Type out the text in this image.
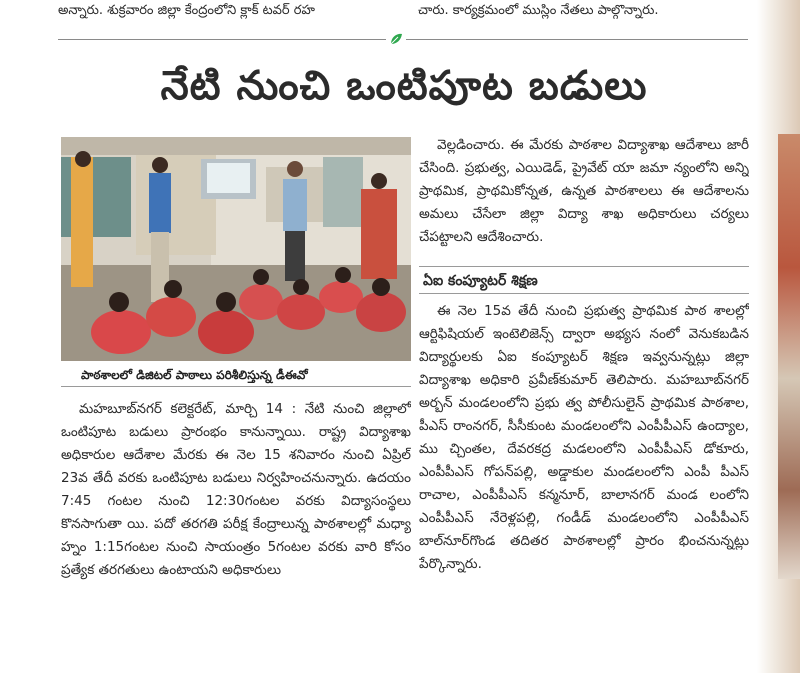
అన్నారు. శుక్రవారం జిల్లా కేంద్రంలోని క్లాక్ టవర్ రహ	చారు. కార్యక్రమంలో ముస్లిం నేతలు పాల్గొన్నారు.
నేటి నుంచి ఒంటిపూట బడులు
పాఠశాలలో డిజిటల్ పాఠాలు పరిశీలిస్తున్న డీఈవో

మహబూబ్‌నగర్ కలెక్టరేట్, మార్చి 14 : నేటి నుంచి జిల్లాలో ఒంటిపూట బడులు ప్రారంభం కానున్నాయి. రాష్ట్ర విద్యాశాఖ అధికారుల ఆదేశాల మేరకు ఈ నెల 15 శనివారం నుంచి ఏప్రిల్ 23వ తేదీ వరకు ఒంటిపూట బడులు నిర్వహించనున్నారు. ఉదయం 7:45 గంటల నుంచి 12:30గంటల వరకు విద్యాసంస్థలు కొనసాగుతా యి. పదో తరగతి పరీక్ష కేంద్రాలున్న పాఠశాలల్లో మధ్యా హ్నం 1:15గంటల నుంచి సాయంత్రం 5గంటల వరకు వారి కోసం ప్రత్యేక తరగతులు ఉంటాయని అధికారులు

వెల్లడించారు. ఈ మేరకు పాఠశాల విద్యాశాఖ ఆదేశాలు జారీ చేసింది. ప్రభుత్వ, ఎయిడెడ్, ప్రైవేట్ యా జమా న్యంలోని అన్ని ప్రాథమిక, ప్రాథమికోన్నత, ఉన్నత పాఠశాలలు ఈ ఆదేశాలను అమలు చేసేలా జిల్లా విద్యా శాఖ అధికారులు చర్యలు చేపట్టాలని ఆదేశించారు.

ఏఐ కంప్యూటర్ శిక్షణ

ఈ నెల 15వ తేదీ నుంచి ప్రభుత్వ ప్రాథమిక పాఠ శాలల్లో ఆర్టిఫిషియల్ ఇంటెలిజెన్స్ ద్వారా అభ్యస నంలో వెనుకబడిన విద్యార్థులకు ఏఐ కంప్యూటర్ శిక్షణ ఇవ్వనున్నట్లు జిల్లా విద్యాశాఖ అధికారి ప్రవీణ్‌కుమార్ తెలిపారు. మహబూబ్‌నగర్ అర్బన్ మండలంలోని ప్రభు త్వ పోలీసులైన్ ప్రాథమిక పాఠశాల, పీఎస్ రాంనగర్, సీసీకుంట మండలంలోని ఎంపీపీఎస్ ఉంద్యాల, ము చ్చింతల, దేవరకద్ర మడలంలోని ఎంపీపీఎస్ డోకూరు, ఎంపీపీఎస్ గోపన్‌పల్లి, అడ్డాకుల మండలంలోని ఎంపీ పీఎస్ రాచాల, ఎంపీపీఎస్ కన్మనూర్, బాలానగర్ మండ లంలోని ఎంపీపీఎస్ నేరెళ్లపల్లి, గండీడ్ మండలంలోని ఎంపీపీఎస్ బాల్‌నూర్‌గొండ తదితర పాఠశాలల్లో ప్రారం భించనున్నట్లు పేర్కొన్నారు.
